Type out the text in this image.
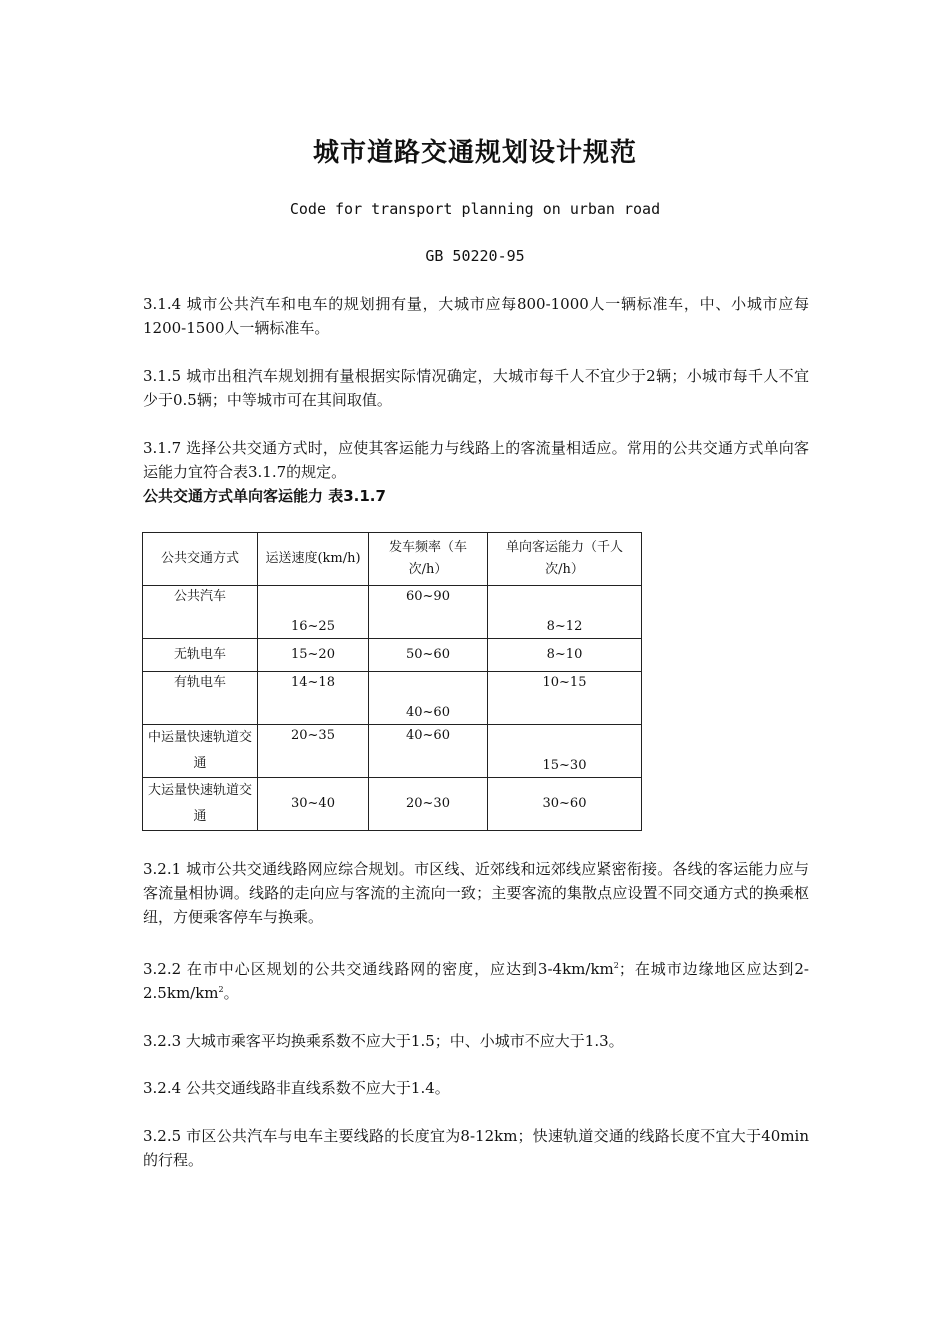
城市道路交通规划设计规范
Code for transport planning on urban road
GB 50220-95
3.1.4 城市公共汽车和电车的规划拥有量，大城市应每800-1000人一辆标准车，中、小城市应每1200-1500人一辆标准车。
3.1.5 城市出租汽车规划拥有量根据实际情况确定，大城市每千人不宜少于2辆；小城市每千人不宜少于0.5辆；中等城市可在其间取值。
3.1.7 选择公共交通方式时，应使其客运能力与线路上的客流量相适应。常用的公共交通方式单向客运能力宜符合表3.1.7的规定。
公共交通方式单向客运能力 表3.1.7
公共交通方式	运送速度(km/h)	发车频率（车次/h）	单向客运能力（千人次/h）
公共汽车	16~25	60~90	8~12
无轨电车	15~20	50~60	8~10
有轨电车	14~18	40~60	10~15
中运量快速轨道交通	20~35	40~60	15~30
大运量快速轨道交通	30~40	20~30	30~60
3.2.1 城市公共交通线路网应综合规划。市区线、近郊线和远郊线应紧密衔接。各线的客运能力应与客流量相协调。线路的走向应与客流的主流向一致；主要客流的集散点应设置不同交通方式的换乘枢纽，方便乘客停车与换乘。
3.2.2 在市中心区规划的公共交通线路网的密度，应达到$3-4km/km^2$；在城市边缘地区应达到$2-2.5km/km^2$。
3.2.3 大城市乘客平均换乘系数不应大于1.5；中、小城市不应大于1.3。
3.2.4 公共交通线路非直线系数不应大于1.4。
3.2.5 市区公共汽车与电车主要线路的长度宜为8-12km；快速轨道交通的线路长度不宜大于40min的行程。
